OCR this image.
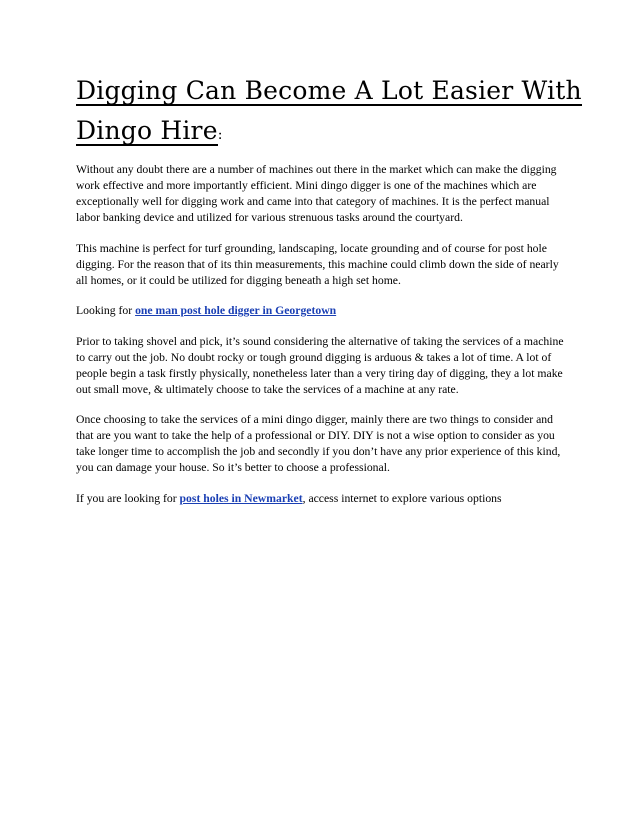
Digging Can Become A Lot Easier With
Dingo Hire:

Without any doubt there are a number of machines out there in the market which can make the digging work effective and more importantly efficient. Mini dingo digger is one of the machines which are exceptionally well for digging work and came into that category of machines. It is the perfect manual labor banking device and utilized for various strenuous tasks around the courtyard.

This machine is perfect for turf grounding, landscaping, locate grounding and of course for post hole digging. For the reason that of its thin measurements, this machine could climb down the side of nearly all homes, or it could be utilized for digging beneath a high set home.

Looking for one man post hole digger in Georgetown

Prior to taking shovel and pick, it’s sound considering the alternative of taking the services of a machine to carry out the job. No doubt rocky or tough ground digging is arduous & takes a lot of time. A lot of people begin a task firstly physically, nonetheless later than a very tiring day of digging, they a lot make out small move, & ultimately choose to take the services of a machine at any rate.

Once choosing to take the services of a mini dingo digger, mainly there are two things to consider and that are you want to take the help of a professional or DIY. DIY is not a wise option to consider as you take longer time to accomplish the job and secondly if you don’t have any prior experience of this kind, you can damage your house. So it’s better to choose a professional.

If you are looking for post holes in Newmarket, access internet to explore various options
